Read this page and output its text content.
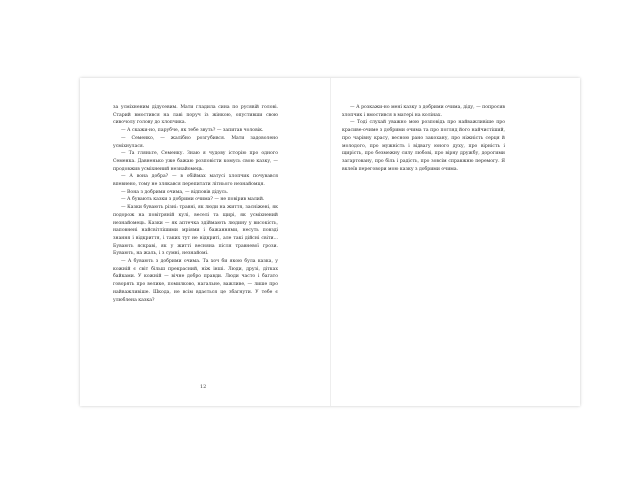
за усміхненим дідусевим. Мати гладила сина по русявій голові. Старий вмостився на лаві поруч із жінкою, опустивши свою сивочолу голову до хлопчика.

— А скажи-но, парубче, як тебе звуть? — запитав чоловік.

— Семенко, — жалібно розгубився. Мати задоволено усміхнулася.

— Та гляньте, Семенку. Знаю я чудову історію про одного Семенка. Давненько уже бажаю розповісти комусь свою казку, — продовжив усміхнений незнайомець.

— А вона добра? — в обіймах матусі хлопчик почувався впевнено, тому не злякався перепитати літнього незнайомця.

— Вона з добрими очима, — відповів дідусь.

— А бувають казки з добрими очима? — не повірив малий.

— Казки бувають різні: травні, як люди на життя, засніжені, як подорож на повітряній кулі, веселі та щирі, як усміхнений незнайомець. Казки — як аптечка здіймають людину у високість, наповнені найсвітлішими мріями і бажаннями, несуть повзді знання і відкриття, і таких тут не відкриті, але такі дійсні світи... Бувають яскраві, як у житті весняна після травневої грози. Бувають, на жаль, і з сумні, незнайомі.

— А бувають з добрими очима. Та хоч би якою була казка, у кожній є світ більш прекрасний, ніж інші. Люди, друзі, дітках байками. У кожній — вічне добро правди. Люди часто і багато говорять про велике, помилково, нагальне, важливе, — лише про найважливіше. Шкода, не всім вдається це збагнути. У тебе є улюблена казка?

12

— А розкажи-но мені казку з добрими очима, діду, — попросив хлопчик і вмостився в матері на колінах.

— Тоді слухай уважно мою розповідь про найважливіше про красиве-очиме з добрими очима та про погляд його найчистіший, про чарівну красу, весною рано закохану, про ніжність серця й молодого, про мужність і відвагу юного духу, про вірність і щирість, про безмежну силу любові, про вірну дружбу, дорогими загартовану, про біль і радість, про зовсім справжню перемогу. Я вклеїв переговори мою казку з добрими очима.
